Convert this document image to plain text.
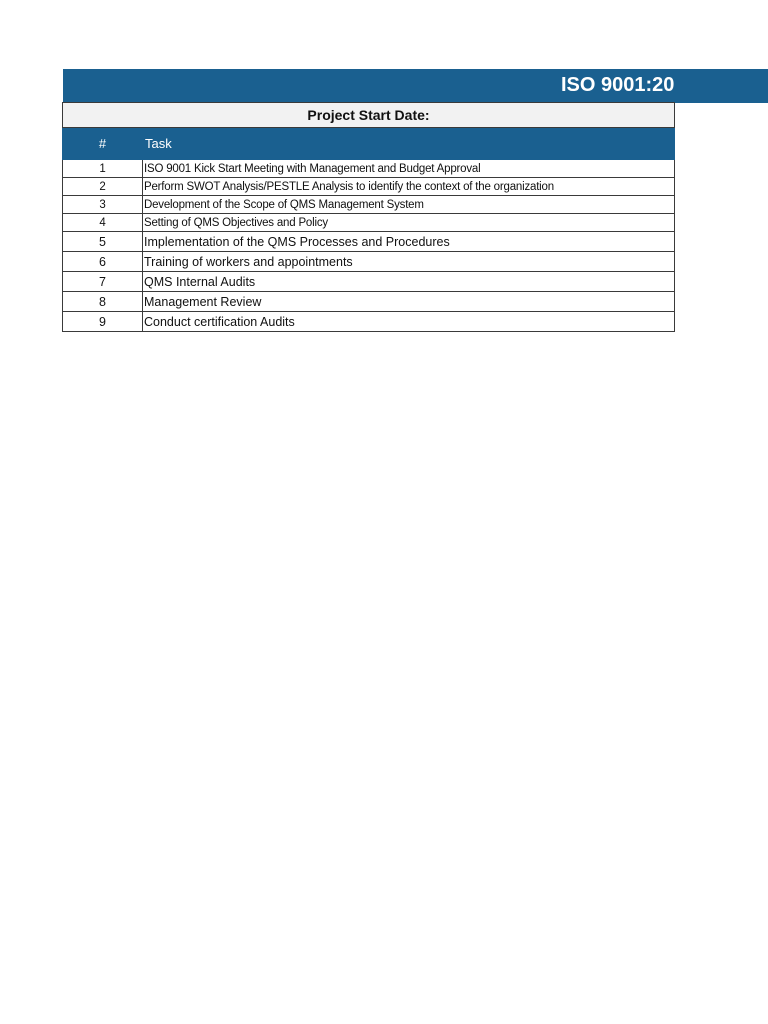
ISO 9001:20
Project Start Date:	
#	Task
1	ISO 9001 Kick Start Meeting with Management and Budget Approval
2	Perform SWOT Analysis/PESTLE Analysis to identify the context of the organization
3	Development of the Scope of QMS Management System
4	Setting of QMS Objectives and Policy
5	Implementation of the QMS Processes and Procedures
6	Training of workers and appointments
7	QMS Internal Audits
8	Management Review
9	Conduct certification Audits
